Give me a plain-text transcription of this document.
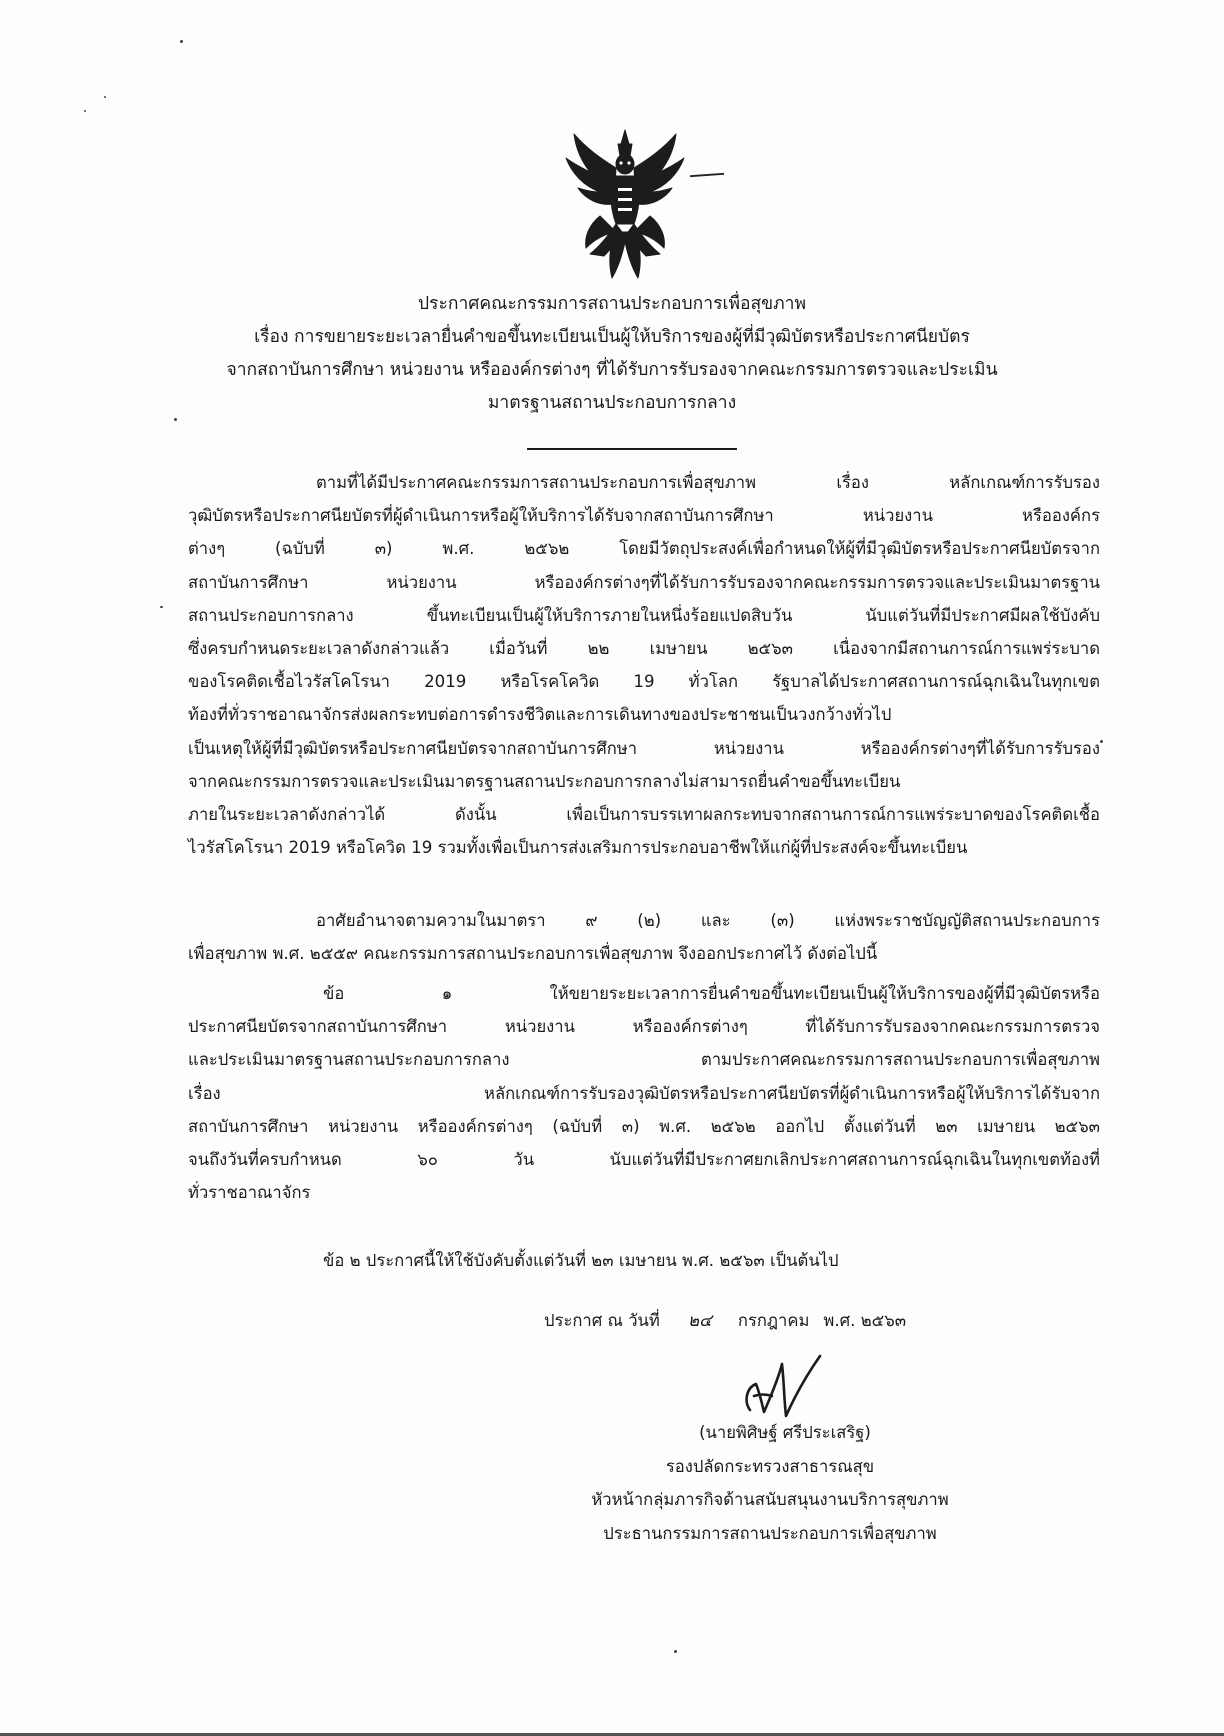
ประกาศคณะกรรมการสถานประกอบการเพื่อสุขภาพ
เรื่อง การขยายระยะเวลายื่นคำขอขึ้นทะเบียนเป็นผู้ให้บริการของผู้ที่มีวุฒิบัตรหรือประกาศนียบัตร
จากสถาบันการศึกษา หน่วยงาน หรือองค์กรต่างๆ ที่ได้รับการรับรองจากคณะกรรมการตรวจและประเมิน
มาตรฐานสถานประกอบการกลาง
ตามที่ได้มีประกาศคณะกรรมการสถานประกอบการเพื่อสุขภาพ เรื่อง หลักเกณฑ์การรับรอง
วุฒิบัตรหรือประกาศนียบัตรที่ผู้ดำเนินการหรือผู้ให้บริการได้รับจากสถาบันการศึกษา หน่วยงาน หรือองค์กร
ต่างๆ (ฉบับที่ ๓) พ.ศ. ๒๕๖๒ โดยมีวัตถุประสงค์เพื่อกำหนดให้ผู้ที่มีวุฒิบัตรหรือประกาศนียบัตรจาก
สถาบันการศึกษา หน่วยงาน หรือองค์กรต่างๆที่ได้รับการรับรองจากคณะกรรมการตรวจและประเมินมาตรฐาน
สถานประกอบการกลาง ขึ้นทะเบียนเป็นผู้ให้บริการภายในหนึ่งร้อยแปดสิบวัน นับแต่วันที่มีประกาศมีผลใช้บังคับ
ซึ่งครบกำหนดระยะเวลาดังกล่าวแล้ว เมื่อวันที่ ๒๒ เมษายน ๒๕๖๓ เนื่องจากมีสถานการณ์การแพร่ระบาด
ของโรคติดเชื้อไวรัสโคโรนา 2019 หรือโรคโควิด 19 ทั่วโลก รัฐบาลได้ประกาศสถานการณ์ฉุกเฉินในทุกเขต
ท้องที่ทั่วราชอาณาจักรส่งผลกระทบต่อการดำรงชีวิตและการเดินทางของประชาชนเป็นวงกว้างทั่วไป
เป็นเหตุให้ผู้ที่มีวุฒิบัตรหรือประกาศนียบัตรจากสถาบันการศึกษา หน่วยงาน หรือองค์กรต่างๆที่ได้รับการรับรอง
จากคณะกรรมการตรวจและประเมินมาตรฐานสถานประกอบการกลางไม่สามารถยื่นคำขอขึ้นทะเบียน
ภายในระยะเวลาดังกล่าวได้ ดังนั้น เพื่อเป็นการบรรเทาผลกระทบจากสถานการณ์การแพร่ระบาดของโรคติดเชื้อ
ไวรัสโคโรนา 2019 หรือโควิด 19 รวมทั้งเพื่อเป็นการส่งเสริมการประกอบอาชีพให้แก่ผู้ที่ประสงค์จะขึ้นทะเบียน
อาศัยอำนาจตามความในมาตรา ๙ (๒) และ (๓) แห่งพระราชบัญญัติสถานประกอบการ
เพื่อสุขภาพ พ.ศ. ๒๕๕๙ คณะกรรมการสถานประกอบการเพื่อสุขภาพ จึงออกประกาศไว้ ดังต่อไปนี้
ข้อ ๑ ให้ขยายระยะเวลาการยื่นคำขอขึ้นทะเบียนเป็นผู้ให้บริการของผู้ที่มีวุฒิบัตรหรือ
ประกาศนียบัตรจากสถาบันการศึกษา หน่วยงาน หรือองค์กรต่างๆ ที่ได้รับการรับรองจากคณะกรรมการตรวจ
และประเมินมาตรฐานสถานประกอบการกลาง ตามประกาศคณะกรรมการสถานประกอบการเพื่อสุขภาพ
เรื่อง หลักเกณฑ์การรับรองวุฒิบัตรหรือประกาศนียบัตรที่ผู้ดำเนินการหรือผู้ให้บริการได้รับจาก
สถาบันการศึกษา หน่วยงาน หรือองค์กรต่างๆ (ฉบับที่ ๓) พ.ศ. ๒๕๖๒ ออกไป ตั้งแต่วันที่ ๒๓ เมษายน ๒๕๖๓
จนถึงวันที่ครบกำหนด ๖๐ วัน นับแต่วันที่มีประกาศยกเลิกประกาศสถานการณ์ฉุกเฉินในทุกเขตท้องที่
ทั่วราชอาณาจักร
ข้อ ๒ ประกาศนี้ให้ใช้บังคับตั้งแต่วันที่ ๒๓ เมษายน พ.ศ. ๒๕๖๓ เป็นต้นไป
ประกาศ ณ วันที่ ๒๔ กรกฎาคม พ.ศ. ๒๕๖๓
(นายพิศิษฐ์ ศรีประเสริฐ)
รองปลัดกระทรวงสาธารณสุข
หัวหน้ากลุ่มภารกิจด้านสนับสนุนงานบริการสุขภาพ
ประธานกรรมการสถานประกอบการเพื่อสุขภาพ
